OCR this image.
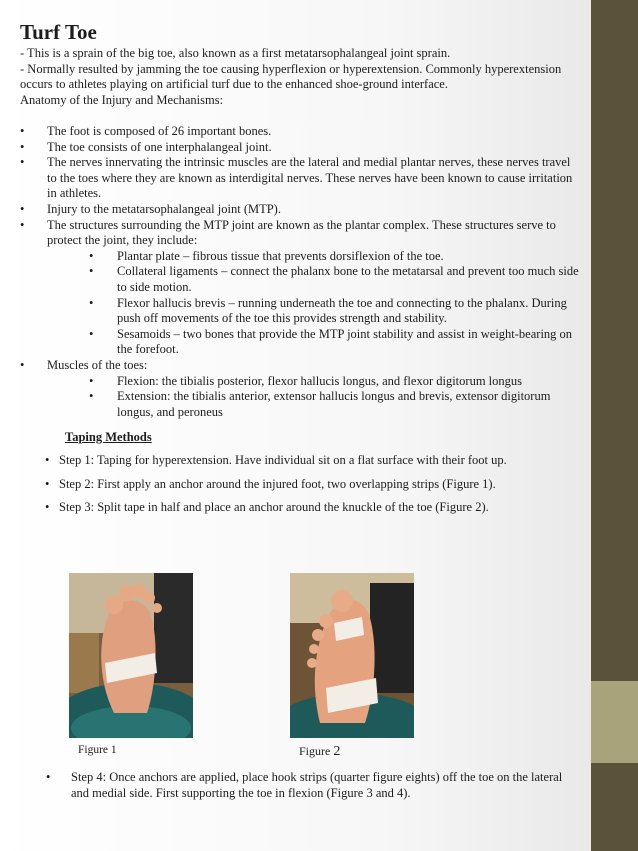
Turf Toe

- This is a sprain of the big toe, also known as a first metatarsophalangeal joint sprain.

- Normally resulted by jamming the toe causing hyperflexion or hyperextension. Commonly hyperextension occurs to athletes playing on artificial turf due to the enhanced shoe-ground interface.

Anatomy of the Injury and Mechanisms:

• The foot is composed of 26 important bones.
• The toe consists of one interphalangeal joint.
• The nerves innervating the intrinsic muscles are the lateral and medial plantar nerves, these nerves travel to the toes where they are known as interdigital nerves. These nerves have been known to cause irritation in athletes.
• Injury to the metatarsophalangeal joint (MTP).
• The structures surrounding the MTP joint are known as the plantar complex. These structures serve to protect the joint, they include:
• Plantar plate – fibrous tissue that prevents dorsiflexion of the toe.
• Collateral ligaments – connect the phalanx bone to the metatarsal and prevent too much side to side motion.
• Flexor hallucis brevis – running underneath the toe and connecting to the phalanx. During push off movements of the toe this provides strength and stability.
• Sesamoids – two bones that provide the MTP joint stability and assist in weight-bearing on the forefoot.
• Muscles of the toes:
• Flexion: the tibialis posterior, flexor hallucis longus, and flexor digitorum longus
• Extension: the tibialis anterior, extensor hallucis longus and brevis, extensor digitorum longus, and peroneus
Taping Methods
• Step 1: Taping for hyperextension. Have individual sit on a flat surface with their foot up.
• Step 2: First apply an anchor around the injured foot, two overlapping strips (Figure 1).
• Step 3: Split tape in half and place an anchor around the knuckle of the toe (Figure 2).
Figure 1	Figure 2
• Step 4: Once anchors are applied, place hook strips (quarter figure eights) off the toe on the lateral and medial side. First supporting the toe in flexion (Figure 3 and 4).
